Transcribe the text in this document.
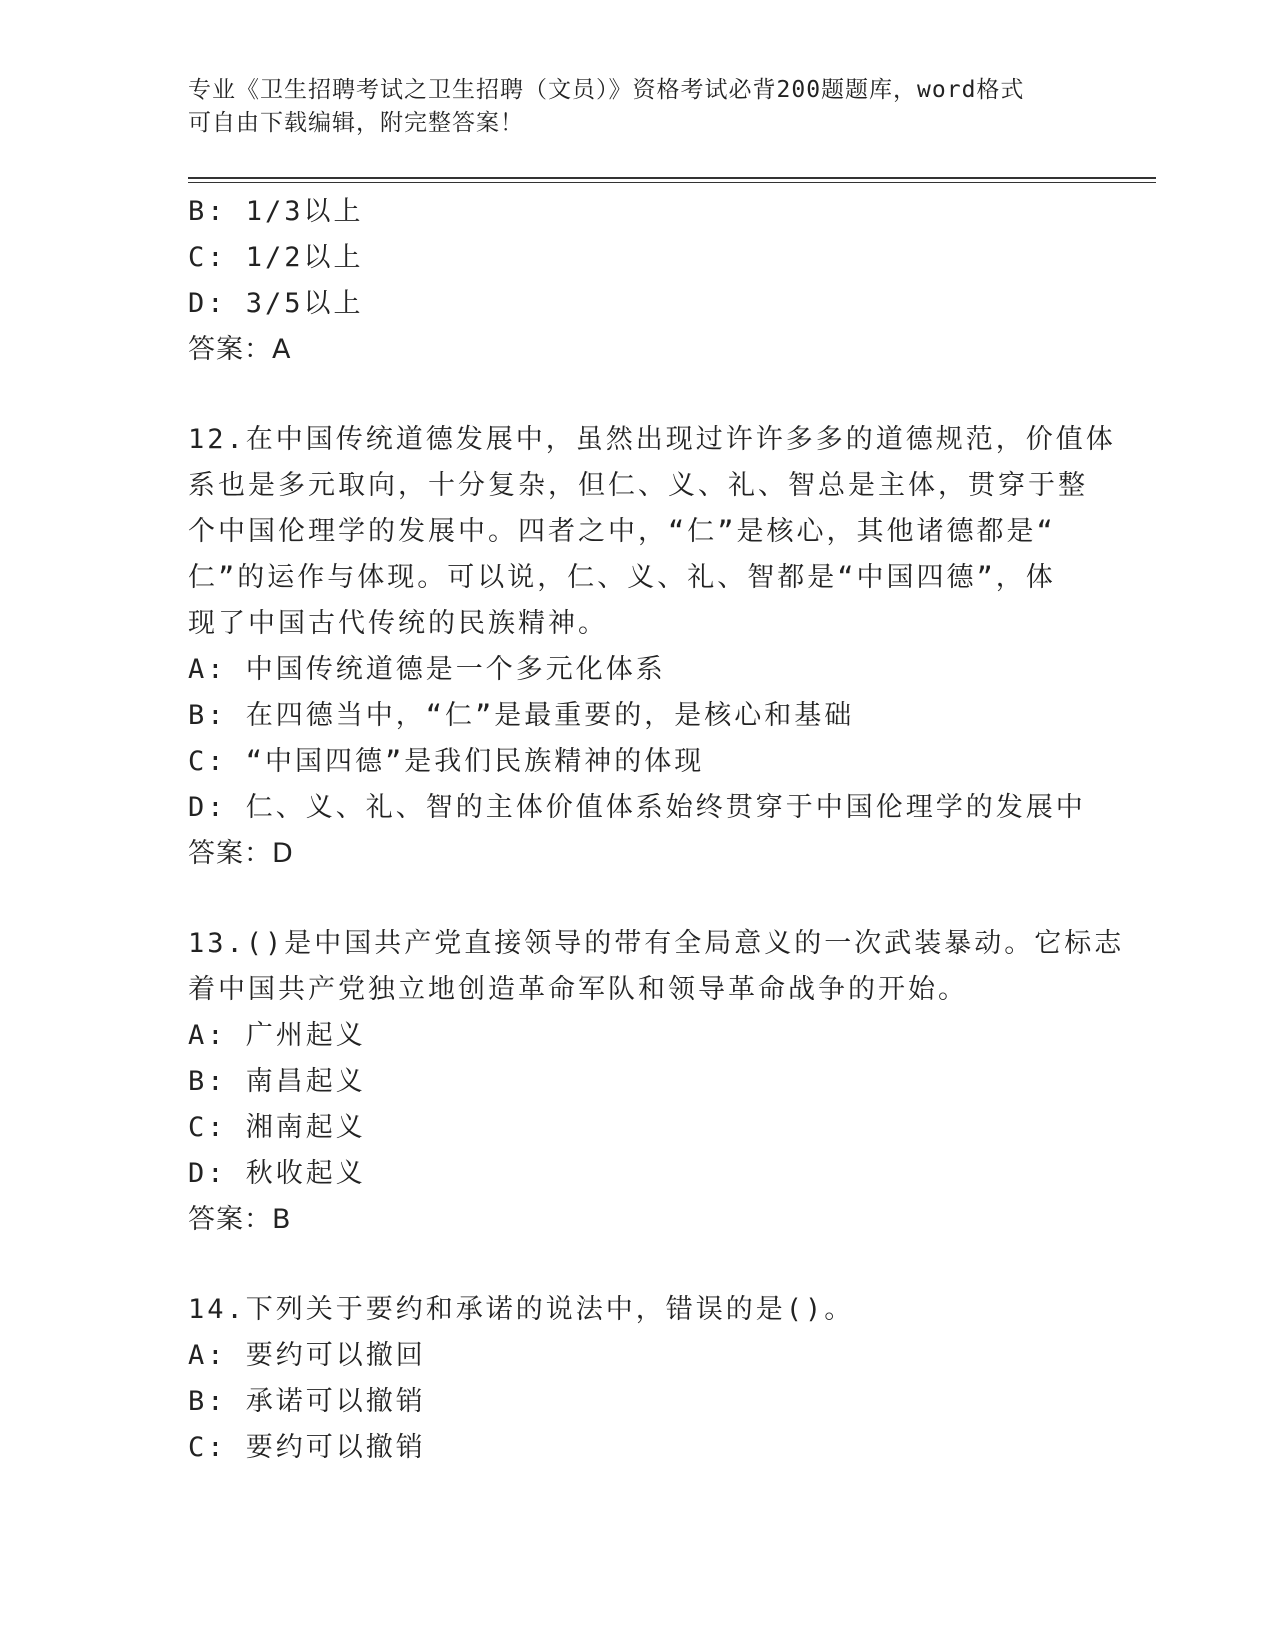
专业《卫生招聘考试之卫生招聘（文员）》资格考试必背200题题库，word格式
可自由下载编辑，附完整答案！
B: 1/3以上
C: 1/2以上
D: 3/5以上
答案：A
12.在中国传统道德发展中，虽然出现过许许多多的道德规范，价值体
系也是多元取向，十分复杂，但仁、义、礼、智总是主体，贯穿于整
个中国伦理学的发展中。四者之中，“仁”是核心，其他诸德都是“
仁”的运作与体现。可以说，仁、义、礼、智都是“中国四德”，体
现了中国古代传统的民族精神。
A: 中国传统道德是一个多元化体系
B: 在四德当中，“仁”是最重要的，是核心和基础
C: “中国四德”是我们民族精神的体现
D: 仁、义、礼、智的主体价值体系始终贯穿于中国伦理学的发展中
答案：D
13.()是中国共产党直接领导的带有全局意义的一次武装暴动。它标志
着中国共产党独立地创造革命军队和领导革命战争的开始。
A: 广州起义
B: 南昌起义
C: 湘南起义
D: 秋收起义
答案：B
14.下列关于要约和承诺的说法中，错误的是()。
A: 要约可以撤回
B: 承诺可以撤销
C: 要约可以撤销
